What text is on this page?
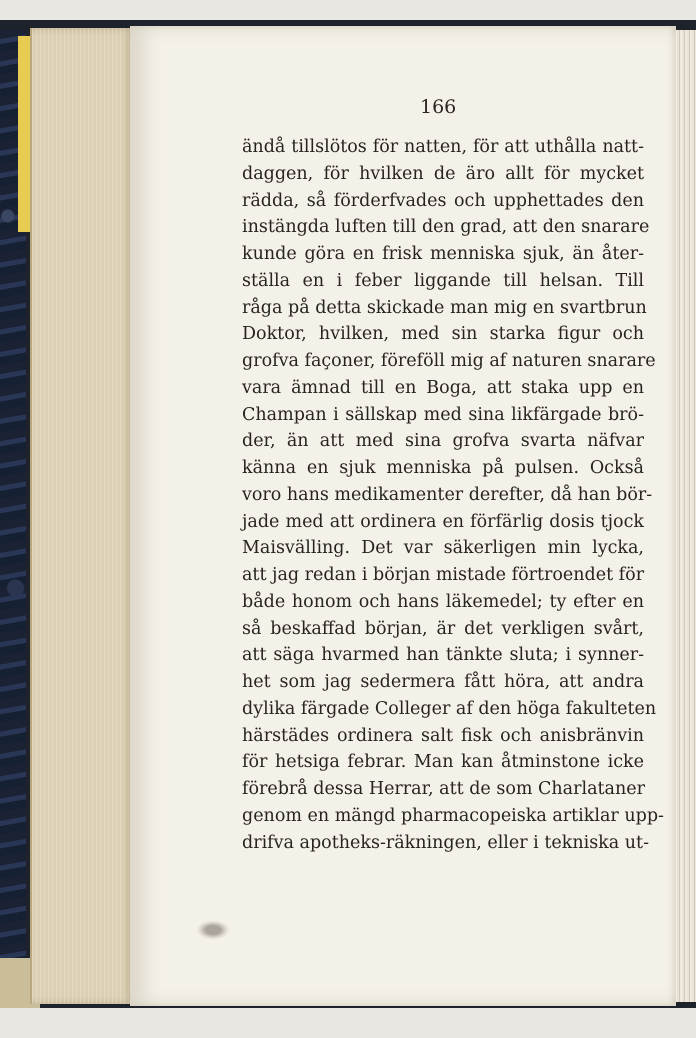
166
ändå tillslötos för natten, för att uthålla natt-
daggen, för hvilken de äro allt för mycket
rädda, så förderfvades och upphettades den
instängda luften till den grad, att den snarare
kunde göra en frisk menniska sjuk, än åter-
ställa en i feber liggande till helsan. Till
råga på detta skickade man mig en svartbrun
Doktor, hvilken, med sin starka figur och
grofva façoner, föreföll mig af naturen snarare
vara ämnad till en Boga, att staka upp en
Champan i sällskap med sina likfärgade brö-
der, än att med sina grofva svarta näfvar
känna en sjuk menniska på pulsen. Också
voro hans medikamenter derefter, då han bör-
jade med att ordinera en förfärlig dosis tjock
Maisvälling. Det var säkerligen min lycka,
att jag redan i början mistade förtroendet för
både honom och hans läkemedel; ty efter en
så beskaffad början, är det verkligen svårt,
att säga hvarmed han tänkte sluta; i synner-
het som jag sedermera fått höra, att andra
dylika färgade Colleger af den höga fakulteten
härstädes ordinera salt fisk och anisbränvin
för hetsiga febrar. Man kan åtminstone icke
förebrå dessa Herrar, att de som Charlataner
genom en mängd pharmacopeiska artiklar upp-
drifva apotheks-räkningen, eller i tekniska ut-
